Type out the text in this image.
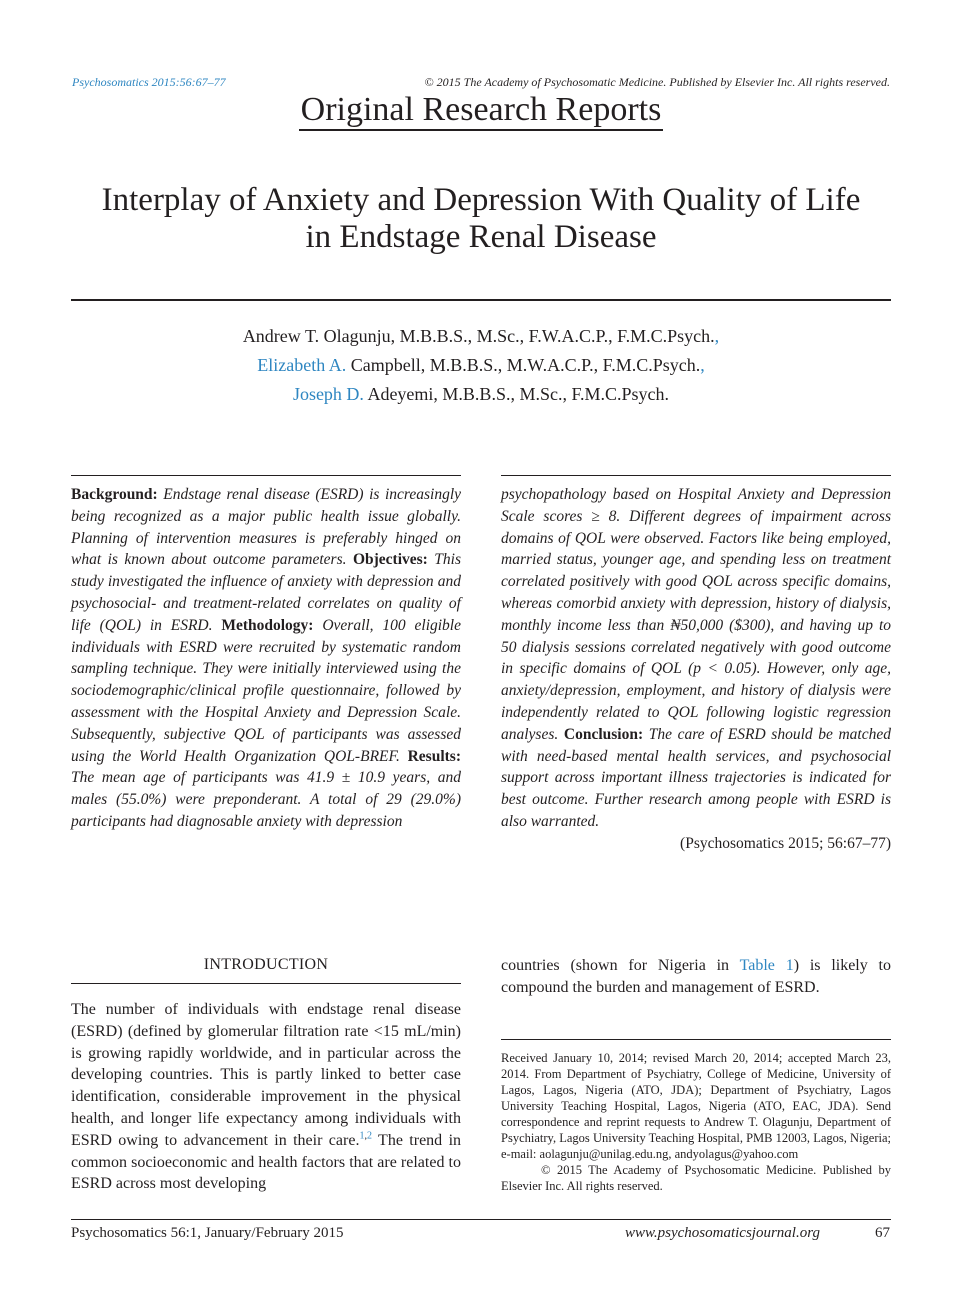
Psychosomatics 2015:56:67–77	© 2015 The Academy of Psychosomatic Medicine. Published by Elsevier Inc. All rights reserved.
Original Research Reports
Interplay of Anxiety and Depression With Quality of Life
in Endstage Renal Disease
Andrew T. Olagunju, M.B.B.S., M.Sc., F.W.A.C.P., F.M.C.Psych.,
Elizabeth A. Campbell, M.B.B.S., M.W.A.C.P., F.M.C.Psych.,
Joseph D. Adeyemi, M.B.B.S., M.Sc., F.M.C.Psych.
Background: Endstage renal disease (ESRD) is increasingly being recognized as a major public health issue globally. Planning of intervention measures is preferably hinged on what is known about outcome parameters. Objectives: This study investigated the influence of anxiety with depression and psychosocial- and treatment-related correlates on quality of life (QOL) in ESRD. Methodology: Overall, 100 eligible individuals with ESRD were recruited by systematic random sampling technique. They were initially interviewed using the sociodemographic/clinical profile questionnaire, followed by assessment with the Hospital Anxiety and Depression Scale. Subsequently, subjective QOL of participants was assessed using the World Health Organization QOL-BREF. Results: The mean age of participants was 41.9 ± 10.9 years, and males (55.0%) were preponderant. A total of 29 (29.0%) participants had diagnosable anxiety with depression
psychopathology based on Hospital Anxiety and Depression Scale scores ≥ 8. Different degrees of impairment across domains of QOL were observed. Factors like being employed, married status, younger age, and spending less on treatment correlated positively with good QOL across specific domains, whereas comorbid anxiety with depression, history of dialysis, monthly income less than ₦50,000 ($300), and having up to 50 dialysis sessions correlated negatively with good outcome in specific domains of QOL (p < 0.05). However, only age, anxiety/depression, employment, and history of dialysis were independently related to QOL following logistic regression analyses. Conclusion: The care of ESRD should be matched with need-based mental health services, and psychosocial support across important illness trajectories is indicated for best outcome. Further research among people with ESRD is also warranted.
(Psychosomatics 2015; 56:67–77)
INTRODUCTION
The number of individuals with endstage renal disease (ESRD) (defined by glomerular filtration rate <15 mL/min) is growing rapidly worldwide, and in particular across the developing countries. This is partly linked to better case identification, considerable improvement in the physical health, and longer life expectancy among individuals with ESRD owing to advancement in their care.$^{1,2}$ The trend in common socioeconomic and health factors that are related to ESRD across most developing
countries (shown for Nigeria in Table 1) is likely to compound the burden and management of ESRD.
Received January 10, 2014; revised March 20, 2014; accepted March 23, 2014. From Department of Psychiatry, College of Medicine, University of Lagos, Lagos, Nigeria (ATO, JDA); Department of Psychiatry, Lagos University Teaching Hospital, Lagos, Nigeria (ATO, EAC, JDA). Send correspondence and reprint requests to Andrew T. Olagunju, Department of Psychiatry, Lagos University Teaching Hospital, PMB 12003, Lagos, Nigeria; e-mail: aolagunju@unilag.edu.ng, andyolagus@yahoo.com
© 2015 The Academy of Psychosomatic Medicine. Published by Elsevier Inc. All rights reserved.
Psychosomatics 56:1, January/February 2015	www.psychosomaticsjournal.org	67
